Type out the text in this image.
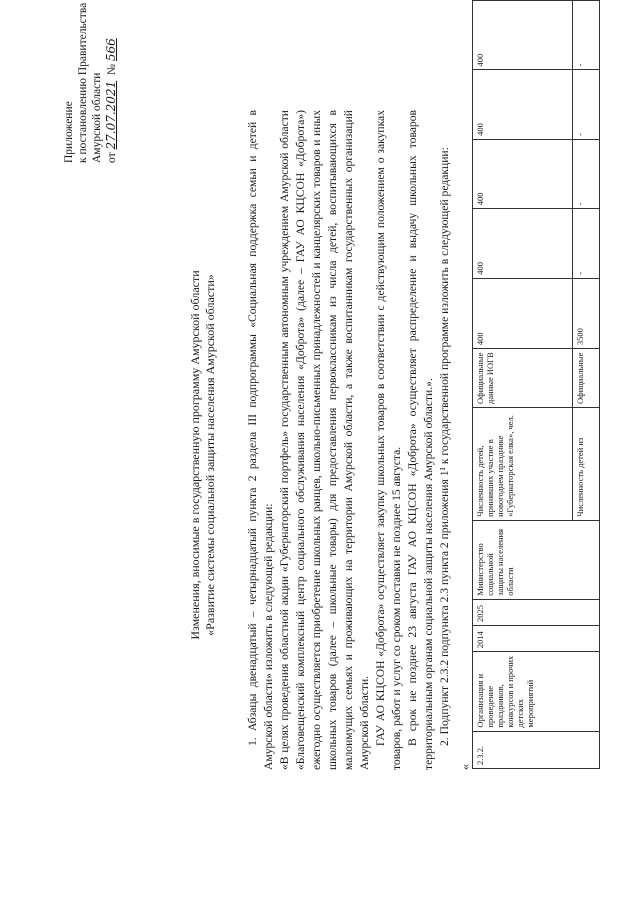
Приложение к постановлению Правительства Амурской области от 27.07.2021  № 566
Изменения, вносимые в государственную программу Амурской области «Развитие системы социальной защиты населения Амурской области»	1. Абзацы двенадцатый – четырнадцатый пункта 2 раздела III подпрограммы «Социальная поддержка семьи и детей в Амурской области» изложить в следующей редакции: «В целях проведения областной акции «Губернаторский портфель» государственным автономным учреждением Амурской области «Благовещенский комплексный центр социального обслуживания населения «Доброта» (далее – ГАУ АО КЦСОН «Доброта») ежегодно осуществляется приобретение школьных ранцев, школьно-письменных принадлежностей и канцелярских товаров и иных школьных товаров (далее – школьные товары) для предоставления первоклассникам из числа детей, воспитывающихся в малоимущих семьях и проживающих на территории Амурской области, а также воспитанникам государственных организаций Амурской области. ГАУ АО КЦСОН «Доброта» осуществляет закупку школьных товаров в соответствии с действующим положением о закупках товаров, работ и услуг со сроком поставки не позднее 15 августа. В срок не позднее 23 августа ГАУ АО КЦСОН «Доброта» осуществляет распределение и выдачу школьных товаров территориальным органам социальной защиты населения Амурской области.». 2. Подпункт 2.3.2 подпункта 2.3 пункта 2 приложения 1¹ к государственной программе изложить в следующей редакции:

«
2.3.2.	Организация и проведение праздников, конкурсов и прочих детских мероприятий	2014	2025	Министерство социальной защиты населения области	Численность детей, принявших участие в новогоднем празднике «Губернаторская елка», чел.	Официальные данные ИОГВ	400	400	400	400	400
					Численность детей из	Официальные	3500	-	-	-	-
